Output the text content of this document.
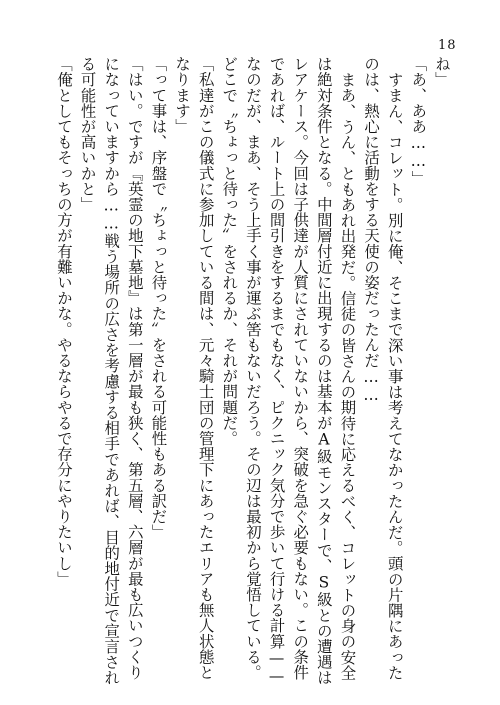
18
ね」
「あ、ああ……」
すまん、コレット。別に俺、そこまで深い事は考えてなかったんだ。頭の片隅にあった
のは、熱心に活動をする天使の姿だったんだ……
まあ、うん、ともあれ出発だ。信徒の皆さんの期待に応えるべく、コレットの身の安全
は絶対条件となる。中間層付近に出現するのは基本がA級モンスターで、S級との遭遇は
レアケース。今回は子供達が人質にされていないから、突破を急ぐ必要もない。この条件
であれば、ルート上の間引きをするまでもなく、ピクニック気分で歩いて行ける計算——
なのだが、まあ、そう上手く事が運ぶ筈もないだろう。その辺は最初から覚悟している。
どこで〝ちょっと待った〟をされるか、それが問題だ。
「私達がこの儀式に参加している間は、元々騎士団の管理下にあったエリアも無人状態と
なります」
「って事は、序盤で〝ちょっと待った〟をされる可能性もある訳だ」
「はい。ですが『英霊の地下墓地』は第一層が最も狭く、第五層、六層が最も広いつくり
になっていますから……戦う場所の広さを考慮する相手であれば、目的地付近で宣言され
る可能性が高いかと」
「俺としてもそっちの方が有難いかな。やるならやるで存分にやりたいし」
